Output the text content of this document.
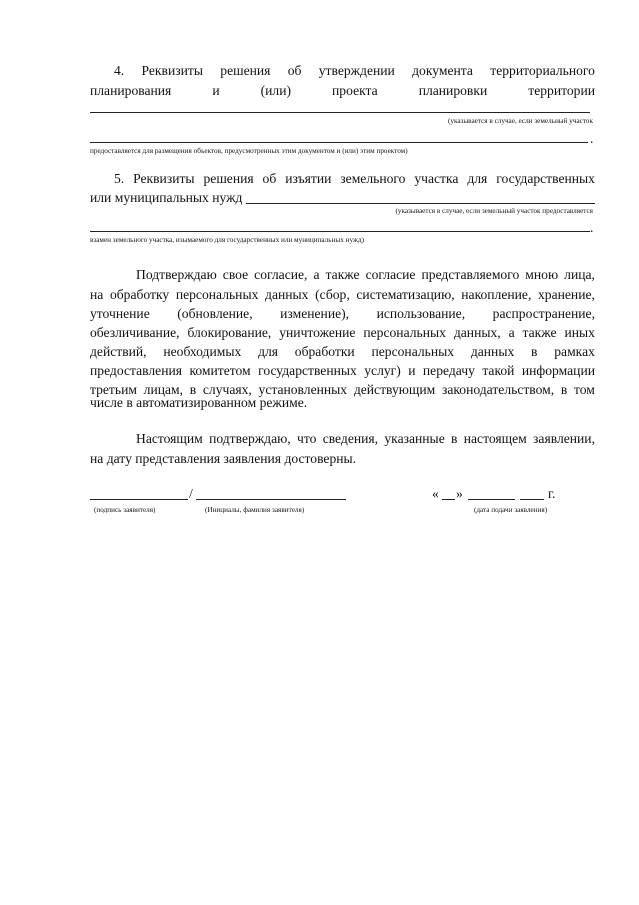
4. Реквизиты решения об утверждении документа территориального
планирования	и	(или)	проекта	планировки	территории
(указывается в случае, если земельный участок
.
предоставляется для размещения объектов, предусмотренных этим документом и (или) этим проектом)
5. Реквизиты решения об изъятии земельного участка для государственных
или муниципальных нужд
(указывается в случае, если земельный участок предоставляется
.
взамен земельного участка, изымаемого для государственных или муниципальных нужд)
Подтверждаю свое согласие, а также согласие представляемого мною лица,
на обработку персональных данных (сбор, систематизацию, накопление, хранение,
уточнение (обновление, изменение), использование, распространение,
обезличивание, блокирование, уничтожение персональных данных, а также иных
действий, необходимых для обработки персональных данных в рамках
предоставления комитетом государственных услуг) и передачу такой информации
третьим лицам, в случаях, установленных действующим законодательством, в том
числе в автоматизированном режиме.
Настоящим подтверждаю, что сведения, указанные в настоящем заявлении,
на дату представления заявления достоверны.
/	« »	г.
(подпись заявителя)	(Инициалы, фамилия заявителя)	(дата подачи заявления)
